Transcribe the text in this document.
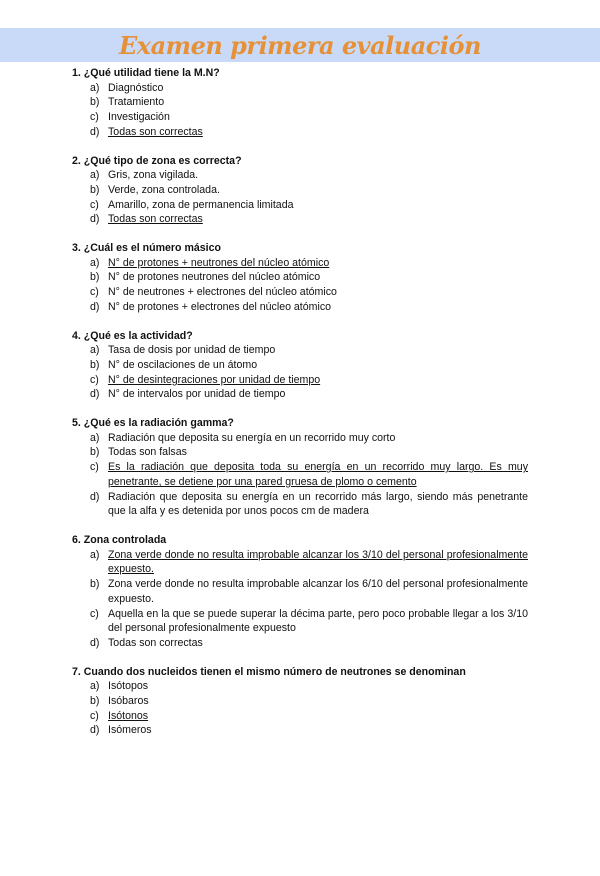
Examen primera evaluación

1. ¿Qué utilidad tiene la M.N?

a) Diagnóstico
b) Tratamiento
c) Investigación
d) Todas son correctas

2. ¿Qué tipo de zona es correcta?

a) Gris, zona vigilada.
b) Verde, zona controlada.
c) Amarillo, zona de permanencia limitada
d) Todas son correctas

3. ¿Cuál es el número másico

a) N° de protones + neutrones del núcleo atómico
b) N° de protones neutrones del núcleo atómico
c) N° de neutrones + electrones del núcleo atómico
d) N° de protones + electrones del núcleo atómico

4. ¿Qué es la actividad?

a) Tasa de dosis por unidad de tiempo
b) N° de oscilaciones de un átomo
c) N° de desintegraciones por unidad de tiempo
d) N° de intervalos por unidad de tiempo

5. ¿Qué es la radiación gamma?

a) Radiación que deposita su energía en un recorrido muy corto
b) Todas son falsas
c) Es la radiación que deposita toda su energía en un recorrido muy largo. Es muy penetrante, se detiene por una pared gruesa de plomo o cemento
d) Radiación que deposita su energía en un recorrido más largo, siendo más penetrante que la alfa y es detenida por unos pocos cm de madera

6. Zona controlada

a) Zona verde donde no resulta improbable alcanzar los 3/10 del personal profesionalmente expuesto.
b) Zona verde donde no resulta improbable alcanzar los 6/10 del personal profesionalmente expuesto.
c) Aquella en la que se puede superar la décima parte, pero poco probable llegar a los 3/10 del personal profesionalmente expuesto
d) Todas son correctas

7. Cuando dos nucleidos tienen el mismo número de neutrones se denominan

a) Isótopos
b) Isóbaros
c) Isótonos
d) Isómeros
